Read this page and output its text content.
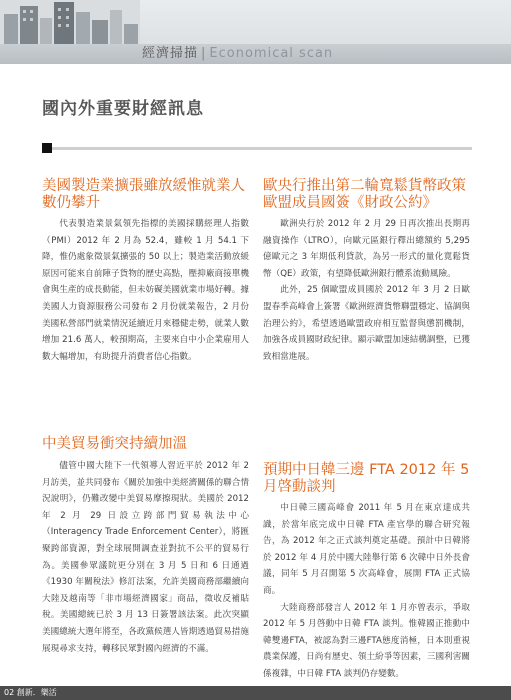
經濟掃描 | Economical scan
國內外重要財經訊息
美國製造業擴張雖放緩惟就業人數仍攀升

代表製造業景氣領先指標的美國採購經理人指數（PMI）2012 年 2 月為 52.4，雖較 1 月 54.1 下降，惟仍處象徵景氣擴張的 50 以上；製造業活動放緩原因可能來自前陣子貨物的歷史高點，壓抑廠商接單機會與生產的成長動能，但未妨礙美國就業市場好轉。據美國人力資源服務公司發布 2 月份就業報告，2 月份美國私營部門就業情況延續近月來穩健走勢，就業人數增加 21.6 萬人，較預期高，主要來自中小企業雇用人數大幅增加，有助提升消費者信心指數。

中美貿易衝突持續加溫

儘管中國大陸下一代領導人習近平於 2012 年 2 月訪美，並共同發布《關於加強中美經濟關係的聯合情況說明》，仍難改變中美貿易摩擦現狀。美國於 2012 年 2 月 29 日設立跨部門貿易執法中心（Interagency Trade Enforcement Center），將匯聚跨部資源，對全球展開調查並對抗不公平的貿易行為。美國參眾議院更分別在 3 月 5 日和 6 日通過《1930 年關稅法》修訂法案，允許美國商務部繼續向大陸及越南等「非市場經濟國家」商品，徵收反補貼稅。美國總統已於 3 月 13 日簽署該法案。此次突顯美國總統大選年將至，各政黨候選人皆期透過貿易措施展現尋求支持，轉移民眾對國內經濟的不滿。

歐央行推出第二輪寬鬆貨幣政策 歐盟成員國簽《財政公約》

歐洲央行於 2012 年 2 月 29 日再次推出長期再融資操作（LTRO），向歐元區銀行釋出總額約 5,295 億歐元之 3 年期低利貸款，為另一形式的量化寬鬆貨幣（QE）政策，有望降低歐洲銀行體系流動風險。

此外，25 個歐盟成員國於 2012 年 3 月 2 日歐盟春季高峰會上簽署《歐洲經濟貨幣聯盟穩定、協調與治理公約》，希望透過歐盟政府相互監督與懲罰機制，加強各成員國財政紀律。顯示歐盟加速結構調整，已獲致相當進展。

預期中日韓三邊 FTA 2012 年 5 月啓動談判

中日韓三國高峰會 2011 年 5 月在東京達成共識，於當年底完成中日韓 FTA 產官學的聯合研究報告，為 2012 年之正式談判奠定基礎。預計中日韓將於 2012 年 4 月於中國大陸舉行第 6 次韓中日外長會議，同年 5 月召開第 5 次高峰會，展開 FTA 正式協商。

大陸商務部發言人 2012 年 1 月亦曾表示，爭取 2012 年 5 月啓動中日韓 FTA 談判。惟韓國正推動中韓雙邊FTA，被認為對三邊FTA態度消極，日本則重視農業保護，日尚有歷史、領土紛爭等因素，三國利害關係複雜，中日韓 FTA 談判仍存變數。

02 創新．樂活
